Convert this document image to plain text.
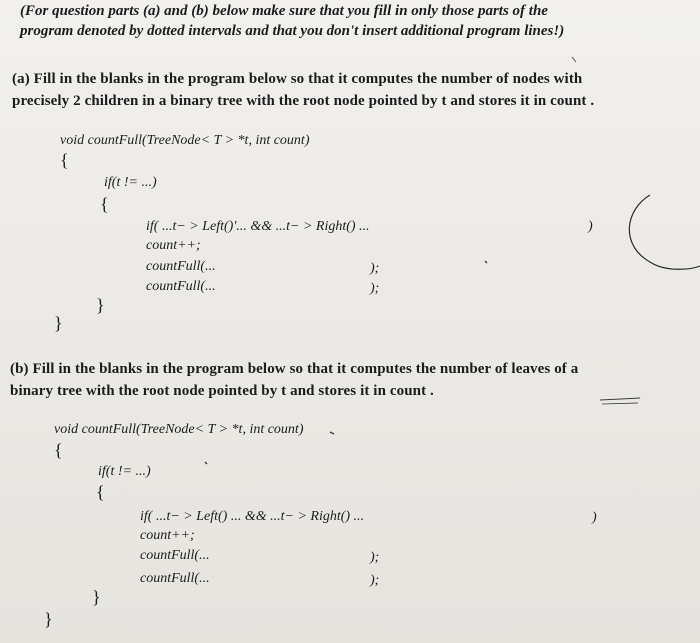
(For question parts (a) and (b) below make sure that you fill in only those parts of the
program denoted by dotted intervals and that you don't insert additional program lines!)
(a) Fill in the blanks in the program below so that it computes the number of nodes with
precisely 2 children in a binary tree with the root node pointed by t and stores it in count .
void countFull(TreeNode< T > *t, int count)
{
if(t != ...)
{
if( ...t− > Left()'... && ...t− > Right() ...	)
count++;
countFull(...	);
countFull(...	);
}
}
(b) Fill in the blanks in the program below so that it computes the number of leaves of a
binary tree with the root node pointed by t and stores it in count .
void countFull(TreeNode< T > *t, int count)
{
if(t != ...)
{
if( ...t− > Left() ... && ...t− > Right() ...	)
count++;
countFull(...	);
countFull(...	);
}
}
